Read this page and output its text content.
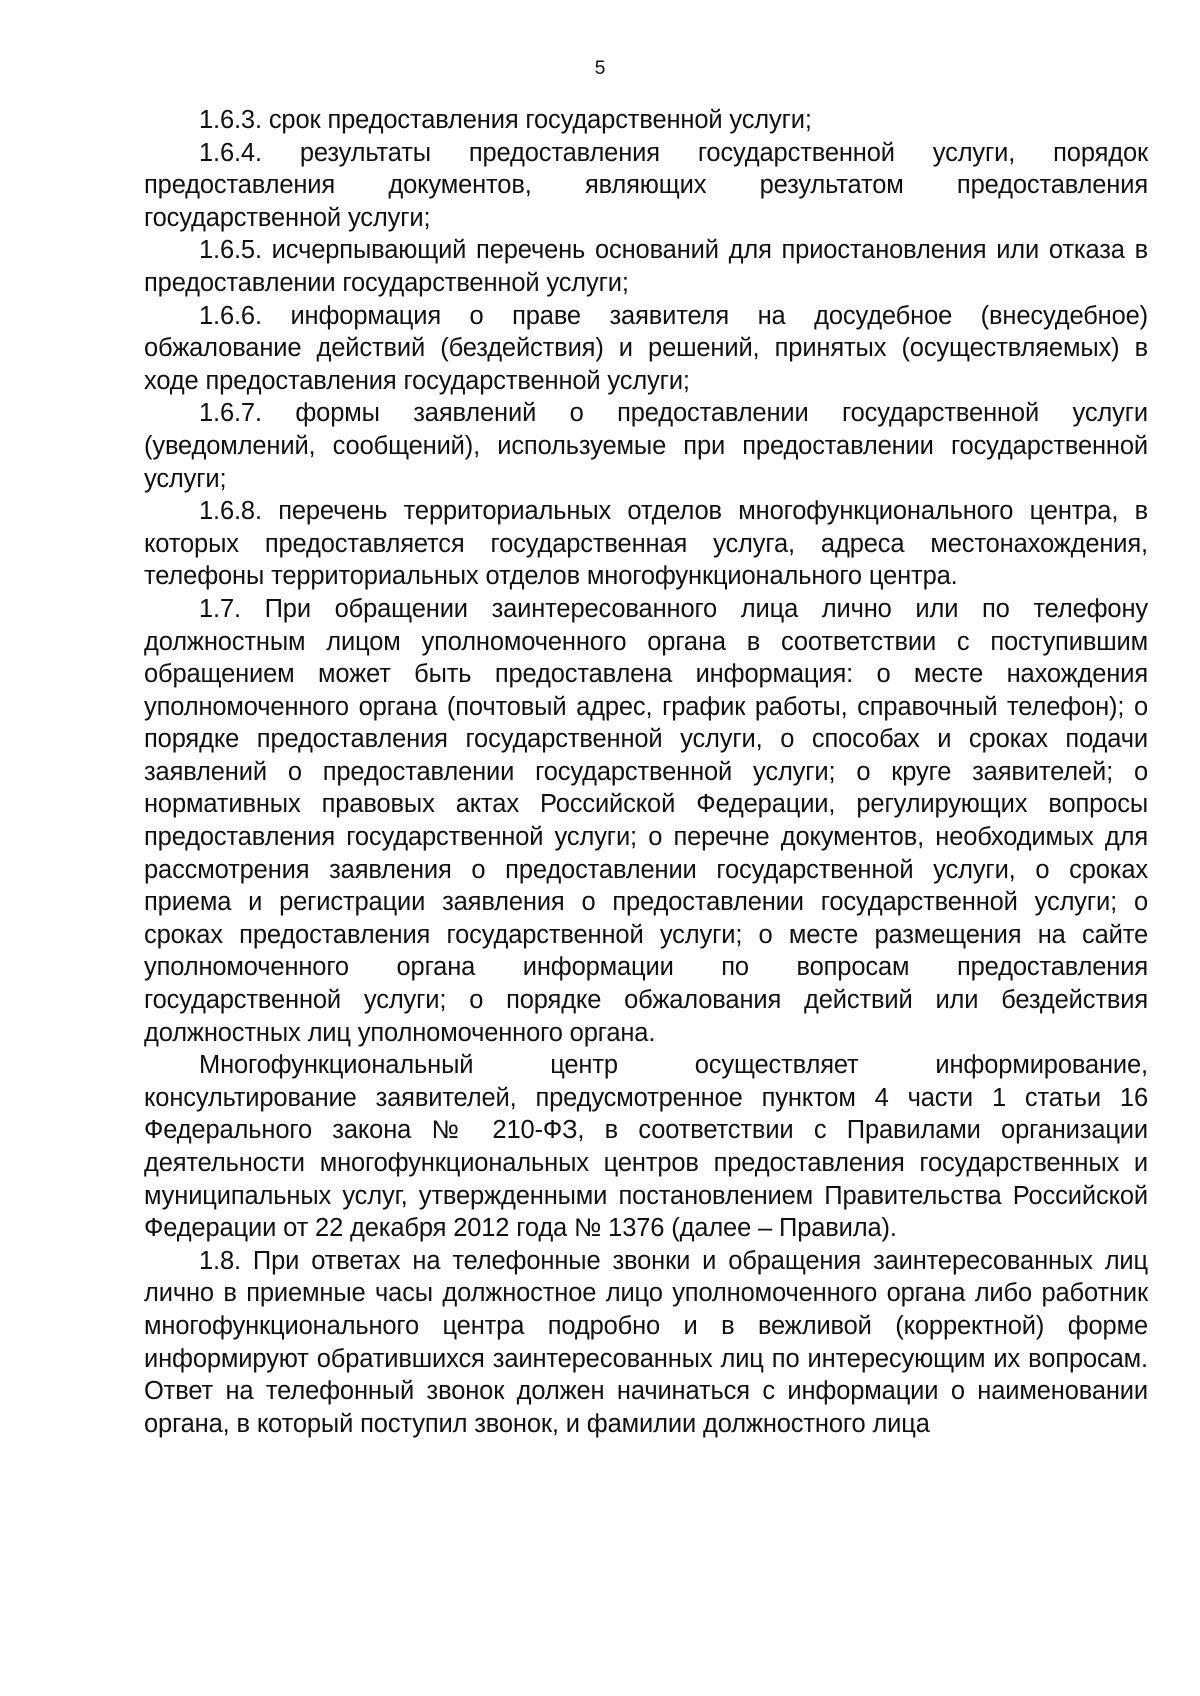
5

1.6.3. срок предоставления государственной услуги;

1.6.4. результаты предоставления государственной услуги, порядок предоставления документов, являющих результатом предоставления государственной услуги;

1.6.5. исчерпывающий перечень оснований для приостановления или отказа в предоставлении государственной услуги;

1.6.6. информация о праве заявителя на досудебное (внесудебное) обжалование действий (бездействия) и решений, принятых (осуществляемых) в ходе предоставления государственной услуги;

1.6.7. формы заявлений о предоставлении государственной услуги (уведомлений, сообщений), используемые при предоставлении государственной услуги;

1.6.8. перечень территориальных отделов многофункционального центра, в которых предоставляется государственная услуга, адреса местонахождения, телефоны территориальных отделов многофункционального центра.

1.7. При обращении заинтересованного лица лично или по телефону должностным лицом уполномоченного органа в соответствии с поступившим обращением может быть предоставлена информация: о месте нахождения уполномоченного органа (почтовый адрес, график работы, справочный телефон); о порядке предоставления государственной услуги, о способах и сроках подачи заявлений о предоставлении государственной услуги; о круге заявителей; о нормативных правовых актах Российской Федерации, регулирующих вопросы предоставления государственной услуги; о перечне документов, необходимых для рассмотрения заявления о предоставлении государственной услуги, о сроках приема и регистрации заявления о предоставлении государственной услуги; о сроках предоставления государственной услуги; о месте размещения на сайте уполномоченного органа информации по вопросам предоставления государственной услуги; о порядке обжалования действий или бездействия должностных лиц уполномоченного органа.

Многофункциональный центр осуществляет информирование, консультирование заявителей, предусмотренное пунктом 4 части 1 статьи 16 Федерального закона № 210-ФЗ, в соответствии с Правилами организации деятельности многофункциональных центров предоставления государственных и муниципальных услуг, утвержденными постановлением Правительства Российской Федерации от 22 декабря 2012 года № 1376 (далее – Правила).

1.8. При ответах на телефонные звонки и обращения заинтересованных лиц лично в приемные часы должностное лицо уполномоченного органа либо работник многофункционального центра подробно и в вежливой (корректной) форме информируют обратившихся заинтересованных лиц по интересующим их вопросам. Ответ на телефонный звонок должен начинаться с информации о наименовании органа, в который поступил звонок, и фамилии должностного лица
